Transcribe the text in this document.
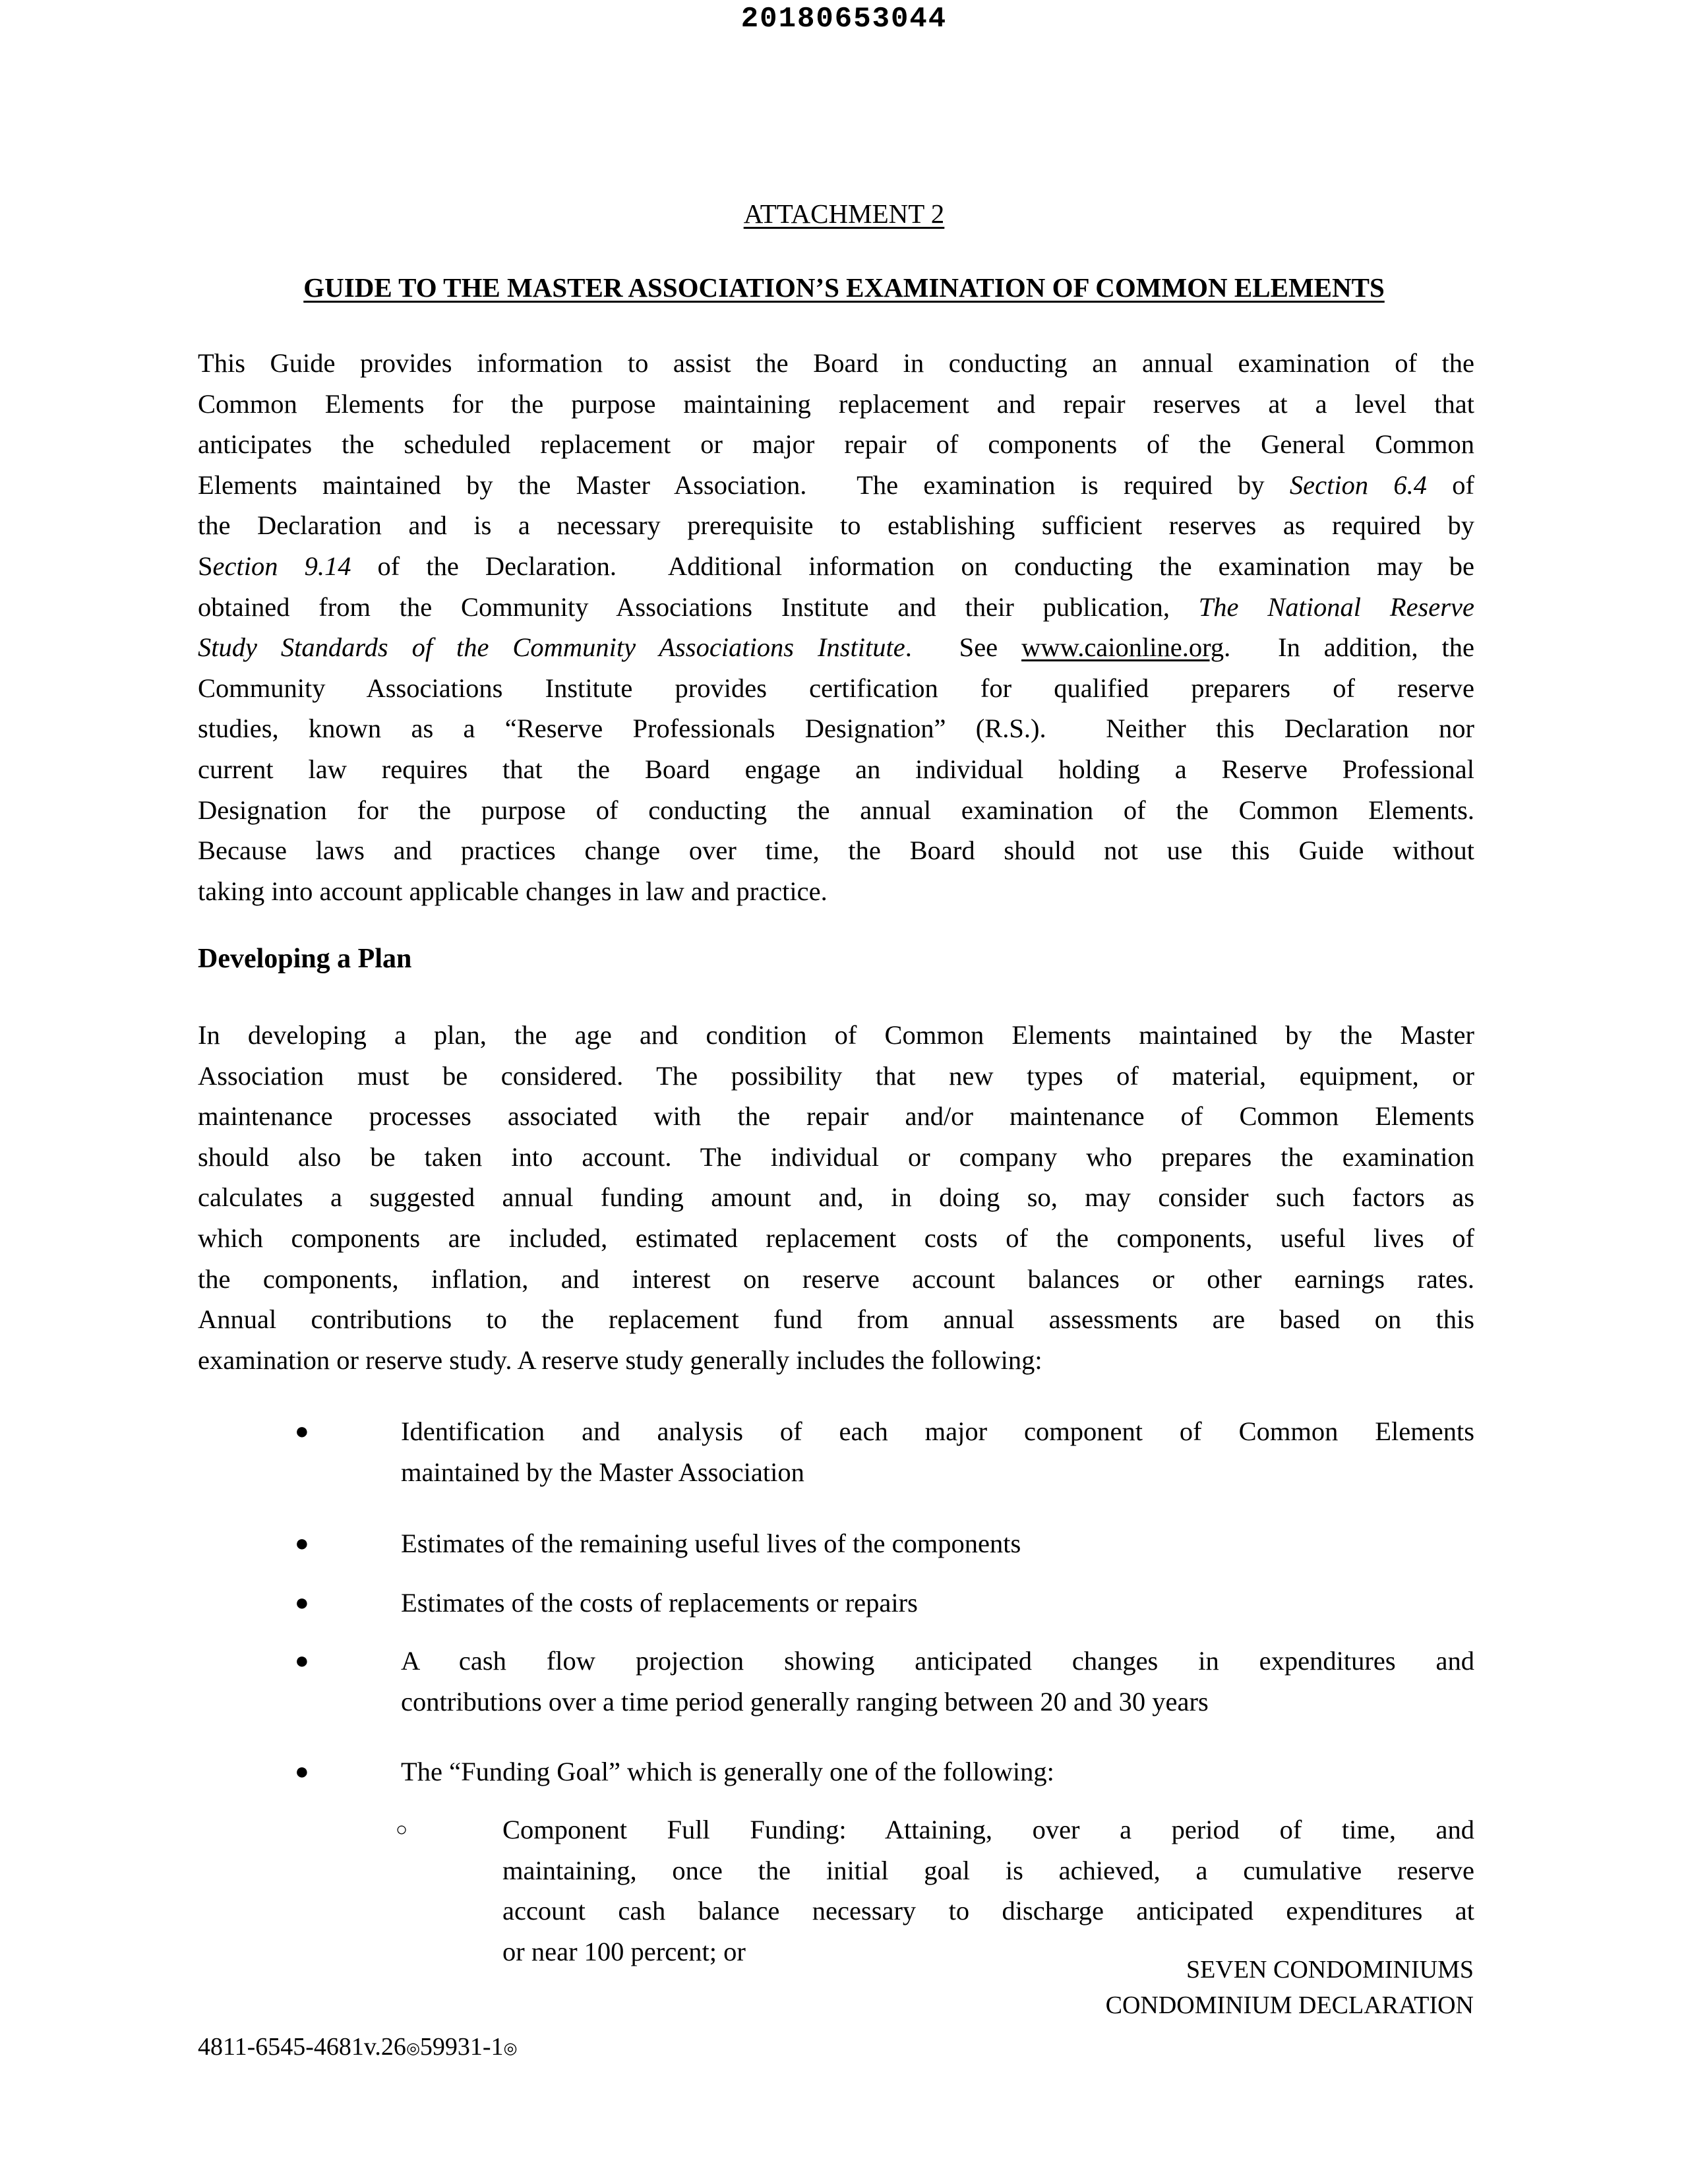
20180653044
ATTACHMENT 2
GUIDE TO THE MASTER ASSOCIATION’S EXAMINATION OF COMMON ELEMENTS
This Guide provides information to assist the Board in conducting an annual examination of the
Common Elements for the purpose maintaining replacement and repair reserves at a level that
anticipates the scheduled replacement or major repair of components of the General Common
Elements maintained by the Master Association.  The examination is required by Section 6.4 of
the Declaration and is a necessary prerequisite to establishing sufficient reserves as required by
Section 9.14 of the Declaration.  Additional information on conducting the examination may be
obtained from the Community Associations Institute and their publication, The National Reserve
Study Standards of the Community Associations Institute.  See www.caionline.org.  In addition, the
Community Associations Institute provides certification for qualified preparers of reserve
studies, known as a “Reserve Professionals Designation” (R.S.).  Neither this Declaration nor
current law requires that the Board engage an individual holding a Reserve Professional
Designation for the purpose of conducting the annual examination of the Common Elements.
Because laws and practices change over time, the Board should not use this Guide without
taking into account applicable changes in law and practice.
Developing a Plan
In developing a plan, the age and condition of Common Elements maintained by the Master
Association must be considered. The possibility that new types of material, equipment, or
maintenance processes associated with the repair and/or maintenance of Common Elements
should also be taken into account. The individual or company who prepares the examination
calculates a suggested annual funding amount and, in doing so, may consider such factors as
which components are included, estimated replacement costs of the components, useful lives of
the components, inflation, and interest on reserve account balances or other earnings rates.
Annual contributions to the replacement fund from annual assessments are based on this
examination or reserve study. A reserve study generally includes the following:
●	Identification and analysis of each major component of Common Elements
maintained by the Master Association
●	Estimates of the remaining useful lives of the components
●	Estimates of the costs of replacements or repairs
●	A cash flow projection showing anticipated changes in expenditures and
contributions over a time period generally ranging between 20 and 30 years
●	The “Funding Goal” which is generally one of the following:
○	Component Full Funding: Attaining, over a period of time, and
maintaining, once the initial goal is achieved, a cumulative reserve
account cash balance necessary to discharge anticipated expenditures at
or near 100 percent; or
SEVEN CONDOMINIUMS
CONDOMINIUM DECLARATION
4811-6545-4681v.26◎59931-1◎
